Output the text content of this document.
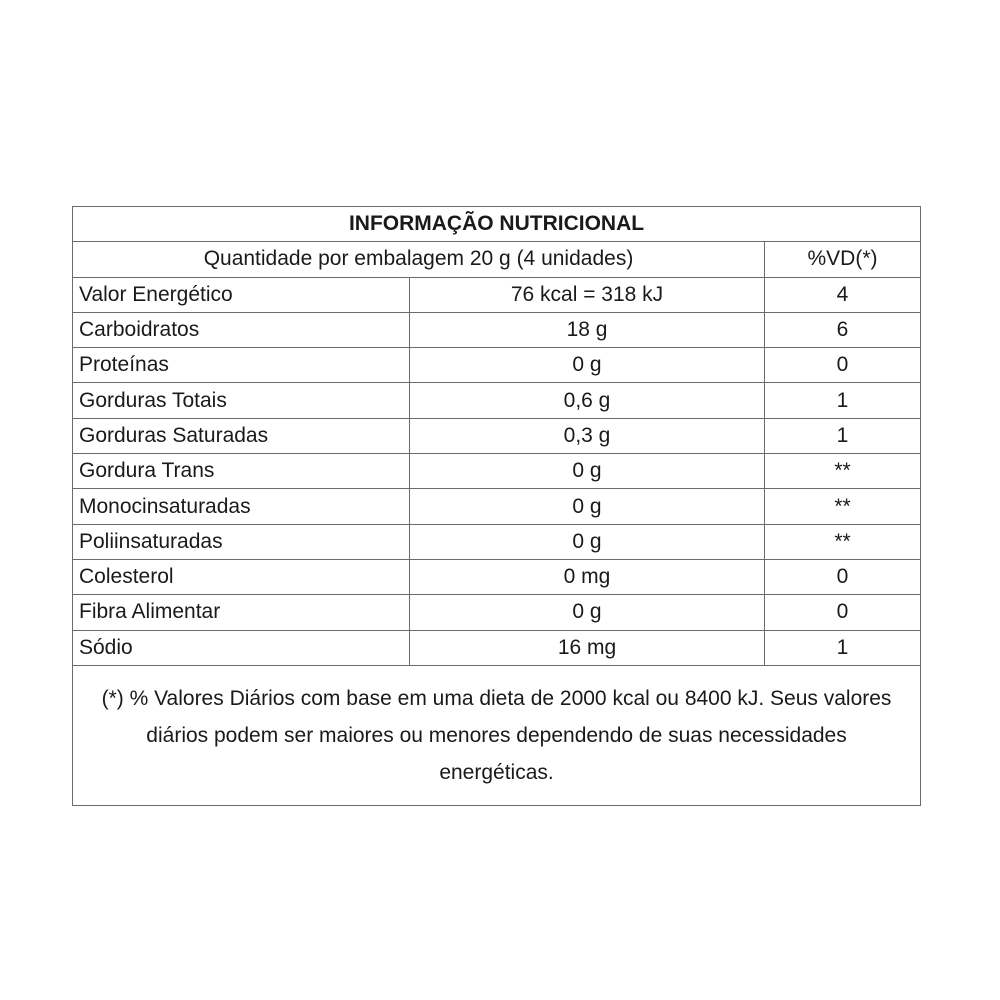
INFORMAÇÃO NUTRICIONAL		
Quantidade por embalagem 20 g (4 unidades)		%VD(*)
Valor Energético	76 kcal = 318 kJ	4
Carboidratos	18 g	6
Proteínas	0 g	0
Gorduras Totais	0,6 g	1
Gorduras Saturadas	0,3 g	1
Gordura Trans	0 g	**
Monocinsaturadas	0 g	**
Poliinsaturadas	0 g	**
Colesterol	0 mg	0
Fibra Alimentar	0 g	0
Sódio	16 mg	1
(*) % Valores Diários com base em uma dieta de 2000 kcal ou 8400 kJ. Seus valores diários podem ser maiores ou menores dependendo de suas necessidades energéticas.		
